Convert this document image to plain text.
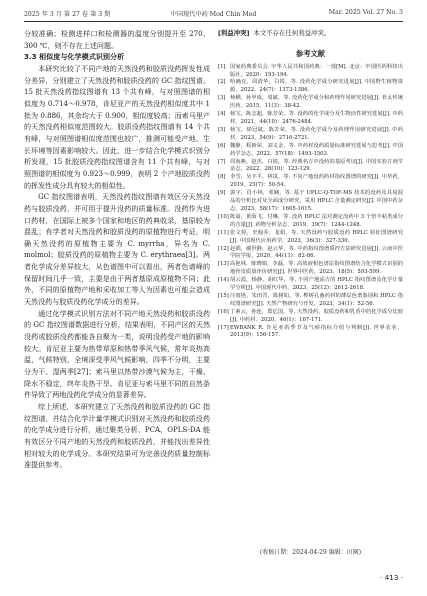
2025 年 3 月 第 27 卷 第 3 期	中国现代中药 Mod Chin Med	Mar. 2025 Vol. 27 No. 3

分较准确；检测进样口和检测器的温度分别提升至 270、300 ℃，则不存在上述问题。

3.3 相似度与化学模式识别分析

本研究比较了不同产地的天然没药和胶质没药挥发性成分差异，分别建立了天然没药和胶质没药的 GC 指纹图谱。15 批天然没药指纹图谱有 13 个共有峰，与对照图谱的相似度为 0.714～0.978，肯尼亚产的天然没药相似度共中 1 批为 0.886，其余均大于 0.900，相似度较高；而索马里产的天然没药相似度范围较大。胶质没药指纹图谱有 14 个共有峰，与对照图谱相似度范围也较广，推测可能受产地、生长环境等因素影响较大。因此，进一步结合化学模式识别分析发现，15 批胶质没药指纹图谱含有 11 个共有峰，与对照图谱的相似度为 0.923～0.999，表明 2 个产地胶质没药的挥发性成分具有较大的相似性。

GC 指纹图谱表明，天然没药指纹图谱有效区分天然没药与胶质没药，并可用于提升没药的质量标准。没药作为进口药材，在国际上被多个国家和地区的药典收录，基原较为混乱；有学者对天然没药和胶质没药的原植物进行考证，明确天然没药的原植物主要为 C. myrrha，异名为 C. molmol；胶质没药的原植物主要为 C. erythraea[3]。两者化学成分差异较大，从色谱图中可以看出，两者色谱峰的保留时间几乎一致，主要是由于两者基原成原植物不同；此外，不同的原植物产地和采收加工等人为因素也可能会造成天然没药与胶质没药化学成分的差异。

通过化学模式识别方法对不同产地天然没药和胶质没药的 GC 指纹图谱数据进行分析，结果表明，不同产区的天然没药或胶质没药都能各自聚为一类，说明没药受产地的影响较大。肯尼亚主要为热带草原和热带季风气候，常年炎热高温，气候特别，全境深受季风气候影响，四季不分明，主要分为干、湿两季[27]；索马里以热带沙漠气候为主，干燥、降水不稳定，终年炎热干旱。肯尼亚与索马里不同的自然条件导致了两地没药化学成分的显著差异。

综上所述，本研究建立了天然没药和胶质没药的 GC 指纹图谱，并结合化学计量学模式识别对天然没药和胶质没药的化学成分进行分析，通过聚类分析、PCA、OPLS-DA 能有效区分不同产地的天然没药和胶质没药，并能找出差异性相对较大的化学成分。本研究结果可为完善没药质量控制标准提供参考。

[利益冲突] 本文不存在任何利益冲突。

参考文献
[1] 国家药典委员会. 中华人民共和国药典：一部[M]. 北京：中国医药科技出版社，2020：193-194.
[2] 哈确克，周清华，白锐，等. 没药化学成分研究进展[J]. 中国野生植物资源，2022，24(7)：1373-1386.
[3] 杨栖，孙甲成，周斌，等. 没药化学成分和药理作用研究进展[J]. 亚太传统医药，2015，11(3)：38-42.
[4] 杨宝，陈志超，陈芳荣，等. 没药的化学成分及生物活性研究进展[J]. 中药材，2021，44(10)：2476-2484.
[5] 杨宝，徐冠斌，陈芳荣，等. 没药化学成分及药理作用研究进展[J]. 中药材，2023，54(9)：2716-2721.
[6] 魏静，程新荣，刘义金，等. 中药材没药质量标准研究进展与思考[J]. 中国药学杂志，2022，57(18)：1493-1503.
[7] 周海燕，赵杰，白锐，等. 经典名方中没药的基原考证[J]. 中国实验方剂学杂志，2022，28(10)：123-129.
[8] 李雪，吴丰平，林岚，等. 不同产地没药药材指纹图谱的研究[J]. 中草药，2019，25(7)：50-54.
[9] 郭宇，肖小林，邓娴，等. 基于 UPLC-Q-TOF-MS 技术的没药及其易混品的分析比对及全面成分研究，采用 HPLC 含量测定研究[J]. 中国中药杂志，2023，58(17)：1605-1615.
[10] 陈嵩，黄海飞，付琳，等. 没药 HPLC 法对测定没药中 3 个倍半萜类成分的含量[J]. 药物分析杂志，2019，39(7)：1244-1248.
[11] 张文婷，史翰乔，龙娟，等. 天然没药与胶质没药 HPLC 特征图谱研究[J]. 中国现代应用药学，2023，36(3)：327-330.
[12] 赵娟，谢世静，赵云华，等. 中药指纹图谱质控方法研究进展[J]. 云南中医学院学报，2020，44(11)：82-86.
[13] 高艳林，陈晓娟，李磊，等. 高效液相色谱法指纹图谱结合化学模式识别的地骨皮质量评价研究[J]. 世界中医药，2023，18(5)：593-599.
[14] 胡云霞，杨静，胡红华，等. 不同产地添吉的 HPLC 指纹图谱及化学计量学分析[J]. 中国现代中药，2023，25(12)：2612-2618.
[15] 汪雨艳，朱田晋，陈树如，等. 桦树孔菌药材的薄层色谱鉴别和 HPLC 指纹图谱研究[J]. 天然产物研究与开发，2023，34(1)：52-56.
[16] 丁素云，孙连，郑亿国，等. 天然没药、胶质没药和乳香中的化学成分比较[J]. 中药材，2020，46(1)：167-171.
[17] EWBANK R. 肯尼亚的季节及气候指标介绍与判断[J]. 世界农业，2013(9)：156-157.
(收稿日期：2024-04-29 编辑：田園)
· 413 ·
